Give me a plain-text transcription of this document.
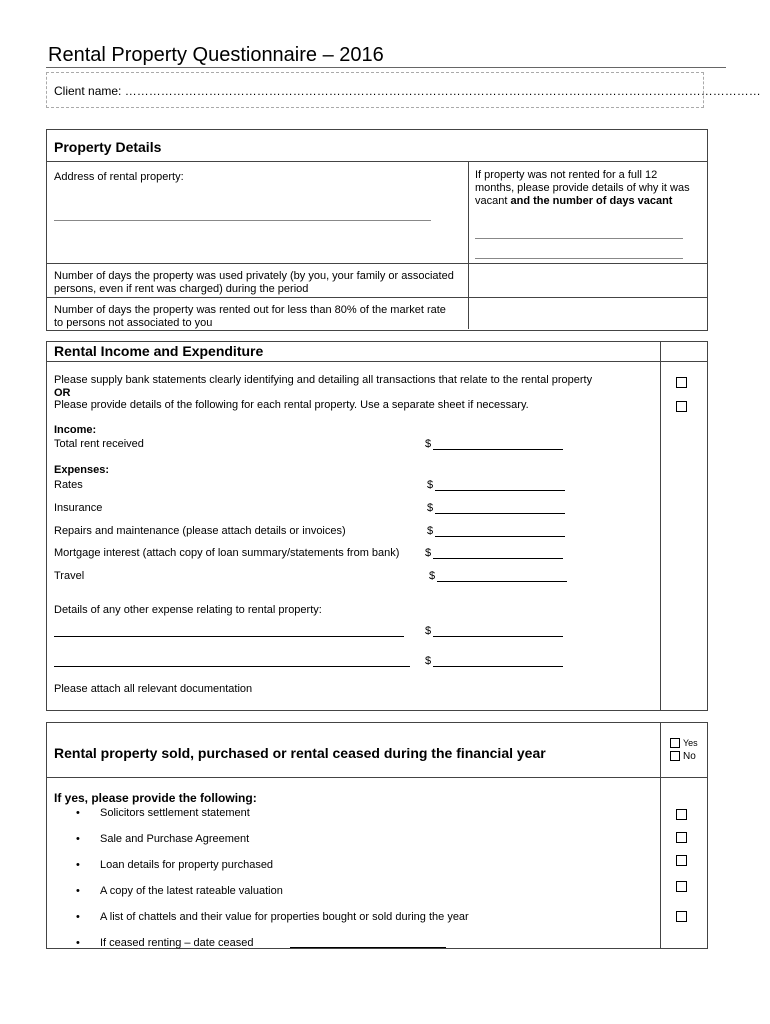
Rental Property Questionnaire – 2016
Client name: ……………………………………………………………………………………………………………………………………………
Property Details
Address of rental property:	If property was not rented for a full 12 months, please provide details of why it was vacant and the number of days vacant
Number of days the property was used privately (by you, your family or associated persons, even if rent was charged) during the period
Number of days the property was rented out for less than 80% of the market rate to persons not associated to you
Rental Income and Expenditure
Please supply bank statements clearly identifying and detailing all transactions that relate to the rental property
OR
Please provide details of the following for each rental property. Use a separate sheet if necessary.
Income:
Total rent received	$
Expenses:
Rates	$
Insurance	$
Repairs and maintenance (please attach details or invoices)	$
Mortgage interest (attach copy of loan summary/statements from bank) $
Travel	$
Details of any other expense relating to rental property:
$
$
Please attach all relevant documentation
Rental property sold, purchased or rental ceased during the financial year
Yes
No
If yes, please provide the following:
• Solicitors settlement statement
• Sale and Purchase Agreement
• Loan details for property purchased
• A copy of the latest rateable valuation
• A list of chattels and their value for properties bought or sold during the year
• If ceased renting – date ceased
